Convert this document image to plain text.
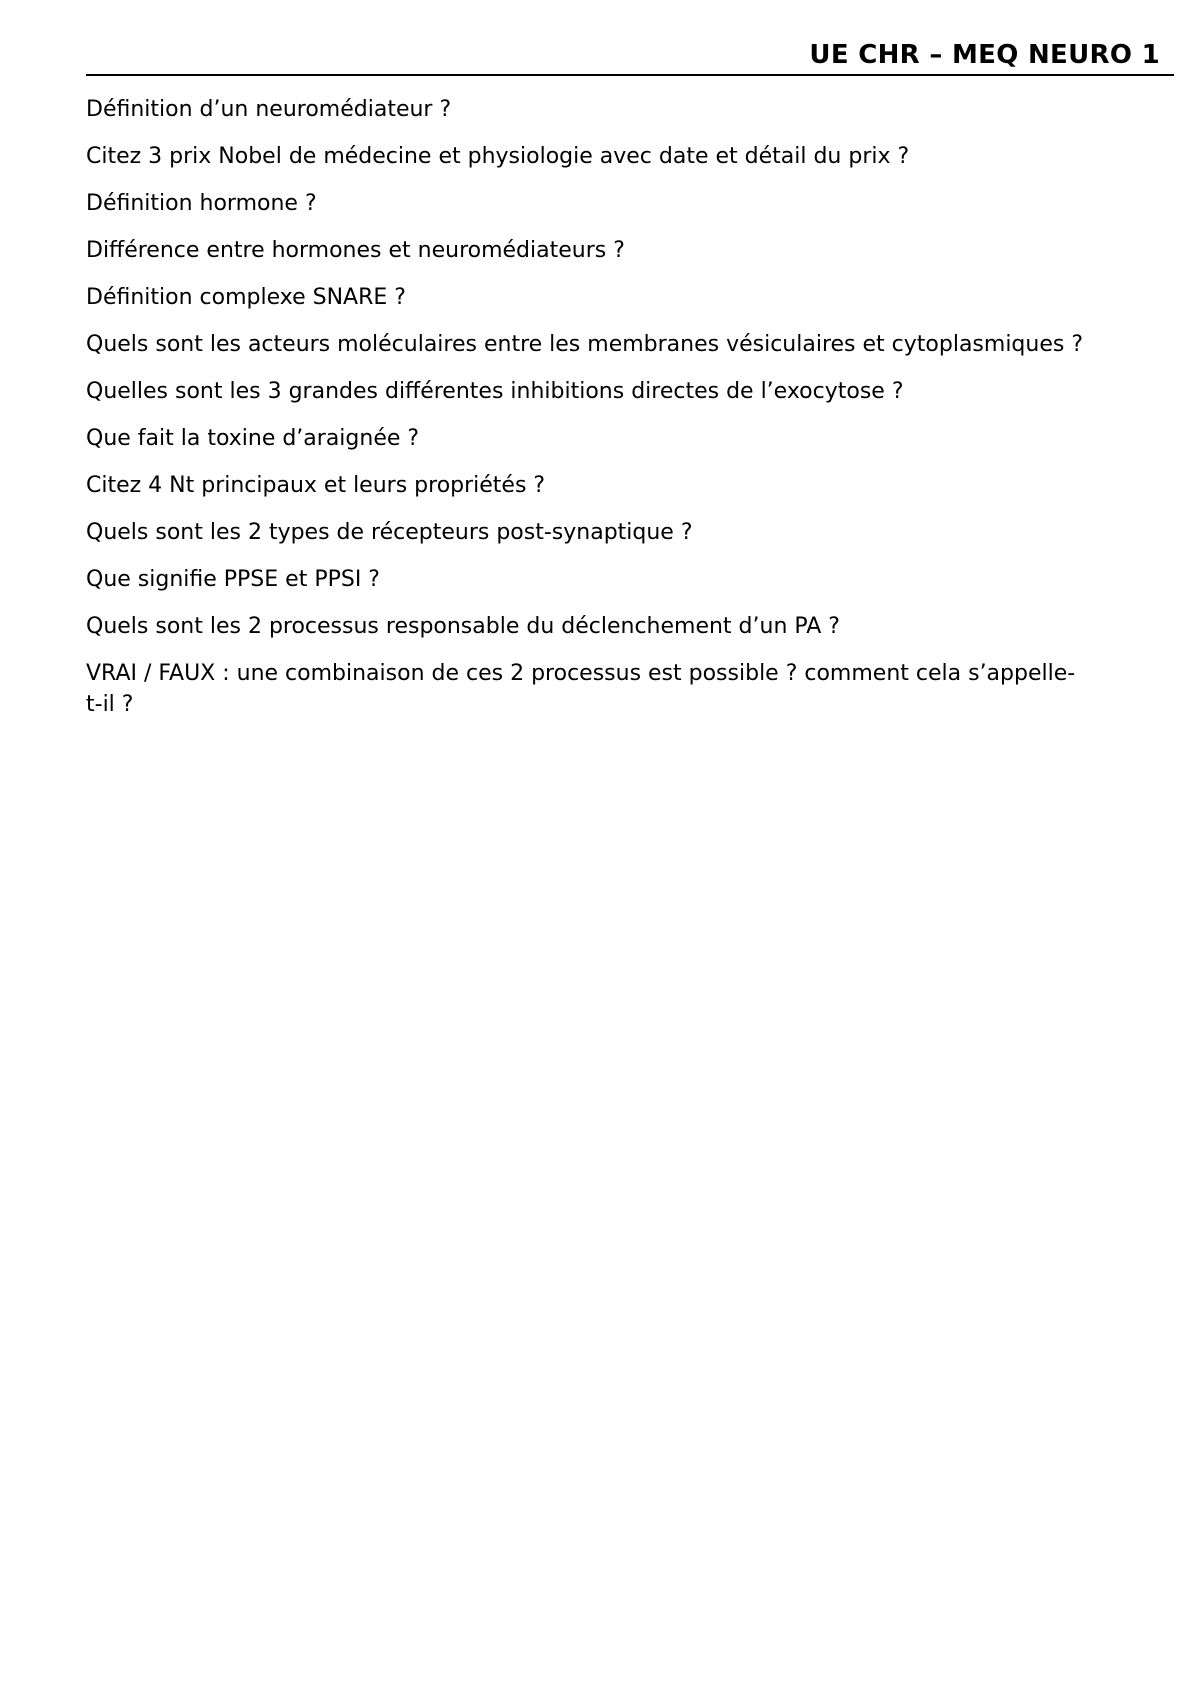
UE CHR – MEQ NEURO 1
Définition d’un neuromédiateur ?
Citez 3 prix Nobel de médecine et physiologie avec date et détail du prix ?
Définition hormone ?
Différence entre hormones et neuromédiateurs ?
Définition complexe SNARE ?
Quels sont les acteurs moléculaires entre les membranes vésiculaires et cytoplasmiques ?
Quelles sont les 3 grandes différentes inhibitions directes de l’exocytose ?
Que fait la toxine d’araignée ?
Citez 4 Nt principaux et leurs propriétés ?
Quels sont les 2 types de récepteurs post-synaptique ?
Que signifie PPSE et PPSI ?
Quels sont les 2 processus responsable du déclenchement d’un PA ?
VRAI / FAUX : une combinaison de ces 2 processus est possible ? comment cela s’appelle-t-il ?
